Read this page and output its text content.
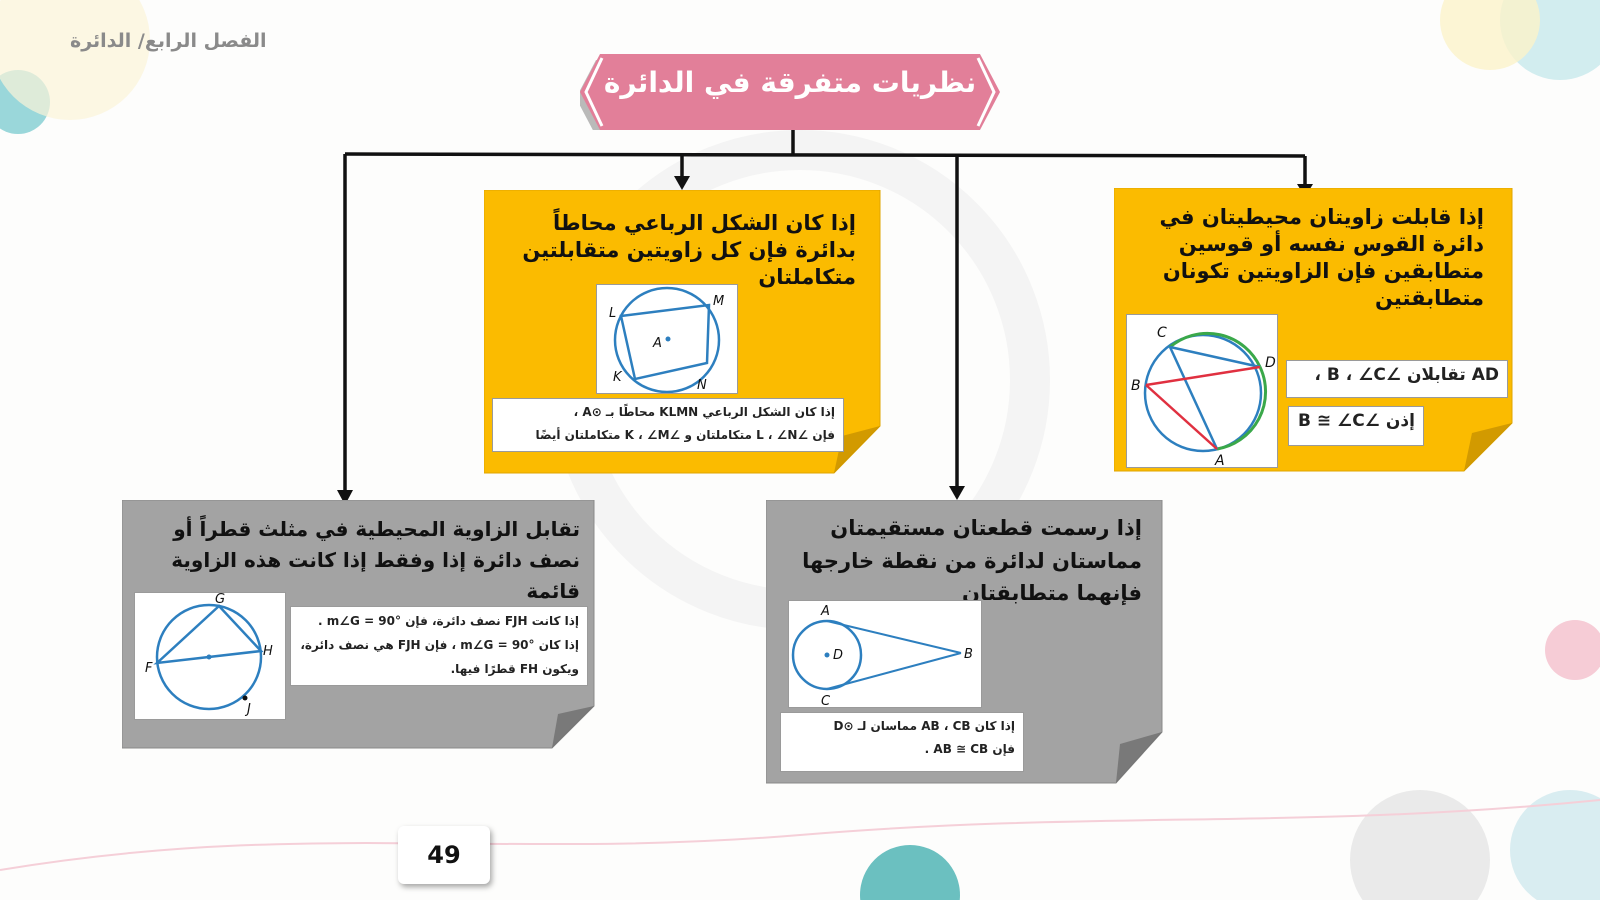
الفصل الرابع/ الدائرة
نظريات متفرقة في الدائرة
إذا قابلت زاويتان محيطيتان في دائرة القوس نفسه أو قوسين متطابقين فإن الزاويتين تكونان متطابقتين
C
D
B
A
AD تقابلان ∠B ، ∠C ،
إذن ∠B ≅ ∠C
إذا كان الشكل الرباعي محاطاً بدائرة فإن كل زاويتين متقابلتين متكاملتان
L
M
A
K
N
إذا كان الشكل الرباعي KLMN محاطًا بـ ⊙A ،
فإن ∠L ، ∠N متكاملتان و ∠K ، ∠M متكاملتان أيضًا
إذا رسمت قطعتان مستقيمتان مماستان لدائرة من نقطة خارجها فإنهما متطابقتان
A
D	B
C
إذا كان AB ، CB مماسان لـ ⊙D
فإن AB ≅ CB .
تقابل الزاوية المحيطية في مثلث قطراً أو نصف دائرة إذا وفقط إذا كانت هذه الزاوية قائمة
G
F
H
J
إذا كانت FJH نصف دائرة، فإن m∠G = 90° .
إذا كان m∠G = 90° ، فإن FJH هي نصف دائرة،
ويكون FH قطرًا فيها.
49
